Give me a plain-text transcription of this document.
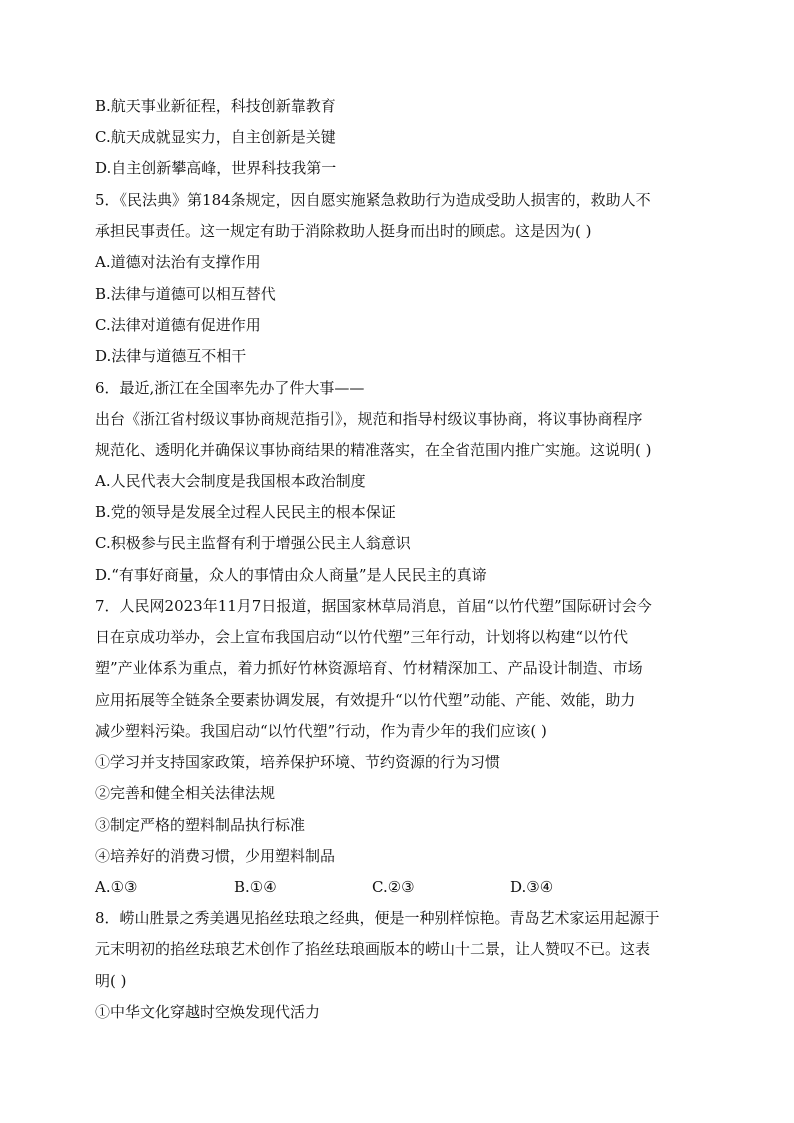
B.航天事业新征程，科技创新靠教育
C.航天成就显实力，自主创新是关键
D.自主创新攀高峰，世界科技我第一
5．《民法典》第184条规定，因自愿实施紧急救助行为造成受助人损害的，救助人不
承担民事责任。这一规定有助于消除救助人挺身而出时的顾虑。这是因为( )
A.道德对法治有支撑作用
B.法律与道德可以相互替代
C.法律对道德有促进作用
D.法律与道德互不相干
6．最近,浙江在全国率先办了件大事——
出台《浙江省村级议事协商规范指引》，规范和指导村级议事协商，将议事协商程序
规范化、透明化并确保议事协商结果的精准落实，在全省范围内推广实施。这说明( )
A.人民代表大会制度是我国根本政治制度
B.党的领导是发展全过程人民民主的根本保证
C.积极参与民主监督有利于增强公民主人翁意识
D.“有事好商量，众人的事情由众人商量”是人民民主的真谛
7．人民网2023年11月7日报道，据国家林草局消息，首届“以竹代塑”国际研讨会今
日在京成功举办，会上宣布我国启动“以竹代塑”三年行动，计划将以构建“以竹代
塑”产业体系为重点，着力抓好竹林资源培育、竹材精深加工、产品设计制造、市场
应用拓展等全链条全要素协调发展，有效提升“以竹代塑”动能、产能、效能，助力
减少塑料污染。我国启动“以竹代塑”行动，作为青少年的我们应该( )
①学习并支持国家政策，培养保护环境、节约资源的行为习惯
②完善和健全相关法律法规
③制定严格的塑料制品执行标准
④培养好的消费习惯，少用塑料制品
A.①③	B.①④	C.②③	D.③④
8．崂山胜景之秀美遇见掐丝珐琅之经典，便是一种别样惊艳。青岛艺术家运用起源于
元末明初的掐丝珐琅艺术创作了掐丝珐琅画版本的崂山十二景，让人赞叹不已。这表
明( )
①中华文化穿越时空焕发现代活力
